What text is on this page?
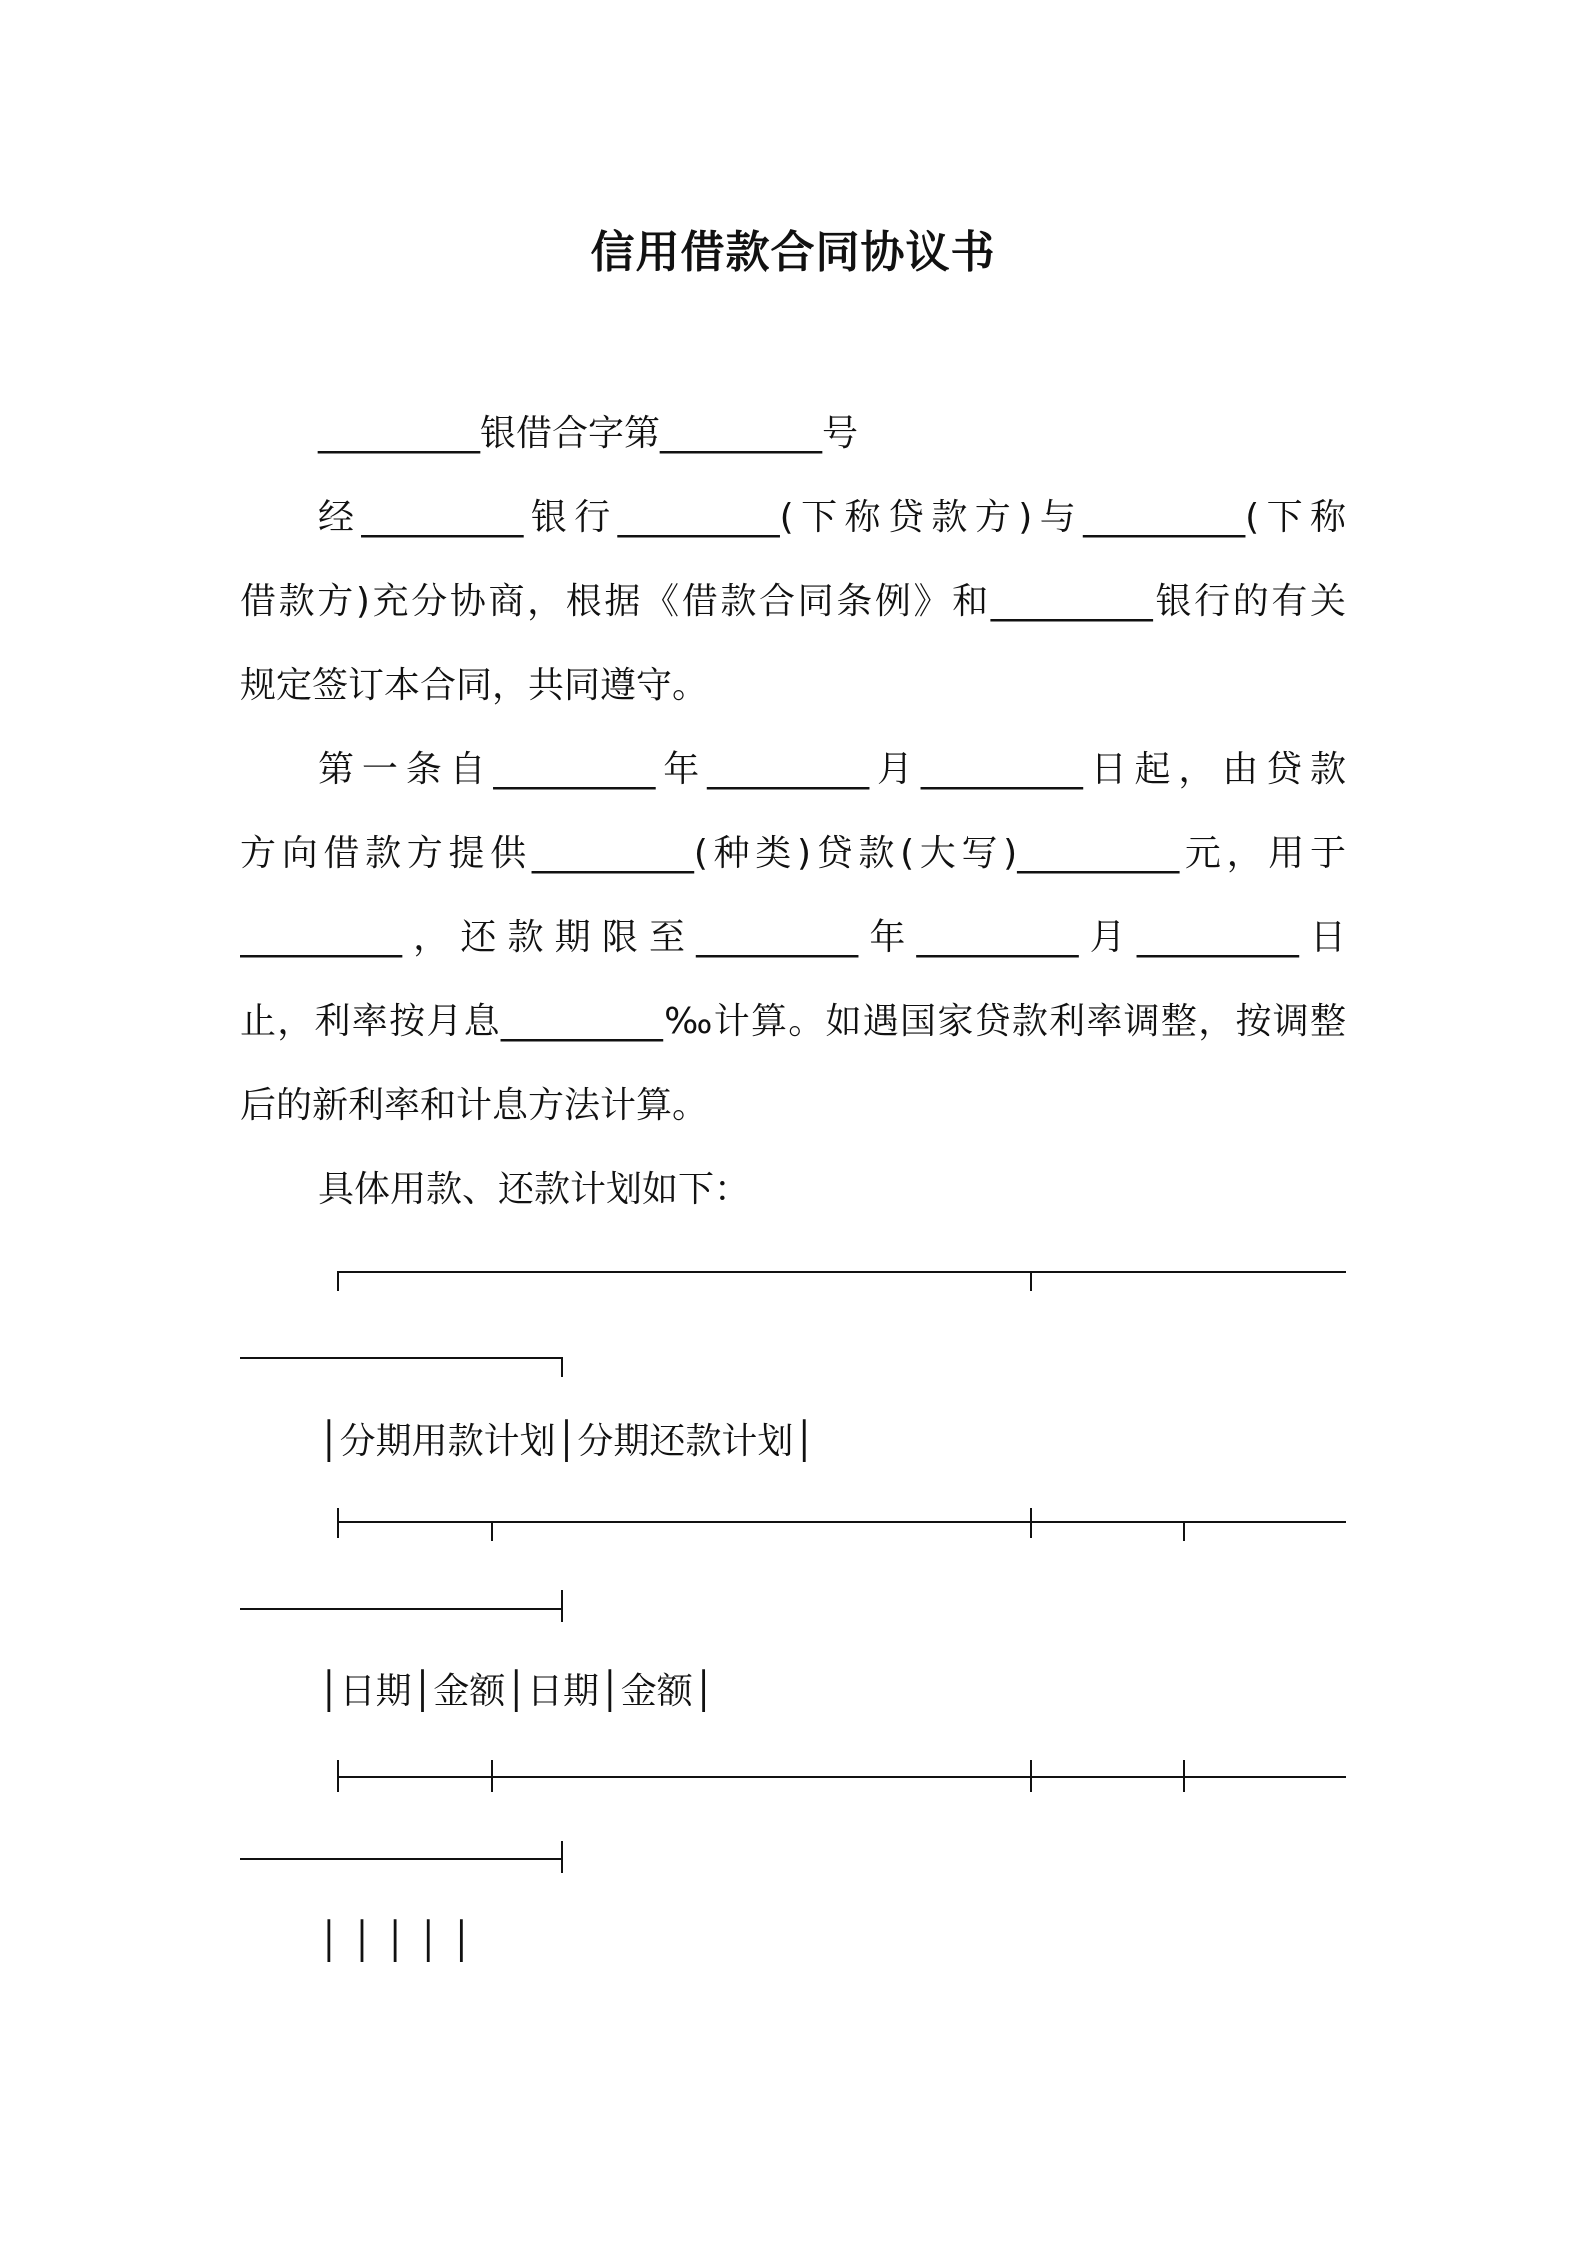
信用借款合同协议书
_________银借合字第_________号
经_________银行_________(下称贷款方)与_________(下称
借款方)充分协商，根据《借款合同条例》和_________银行的有关
规定签订本合同，共同遵守。
第一条自_________年_________月_________日起，由贷款
方向借款方提供_________(种类)贷款(大写)_________元，用于
_________，还款期限至_________年_________月_________日
止，利率按月息_________‰计算。如遇国家贷款利率调整，按调整
后的新利率和计息方法计算。
具体用款、还款计划如下：
│分期用款计划│分期还款计划│
│日期│金额│日期│金额│
│ │ │ │ │
